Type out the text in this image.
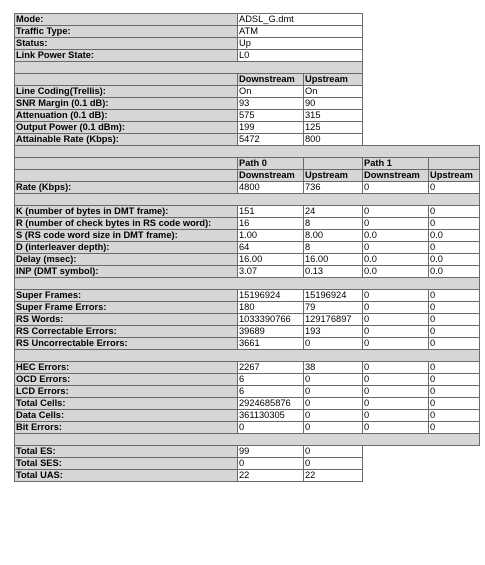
Mode:	ADSL_G.dmt			
Traffic Type:	ATM			
Status:	Up			
Link Power State:	L0			

	Downstream	Upstream		
Line Coding(Trellis):	On	On		
SNR Margin (0.1 dB):	93	90		
Attenuation (0.1 dB):	575	315		
Output Power (0.1 dBm):	199	125		
Attainable Rate (Kbps):	5472	800		

	Path 0		Path 1	
	Downstream	Upstream	Downstream	Upstream
Rate (Kbps):	4800	736	0	0

K (number of bytes in DMT frame):	151	24	0	0
R (number of check bytes in RS code word):	16	8	0	0
S (RS code word size in DMT frame):	1.00	8.00	0.0	0.0
D (interleaver depth):	64	8	0	0
Delay (msec):	16.00	16.00	0.0	0.0
INP (DMT symbol):	3.07	0.13	0.0	0.0

Super Frames:	15196924	15196924	0	0
Super Frame Errors:	180	79	0	0
RS Words:	1033390766	129176897	0	0
RS Correctable Errors:	39689	193	0	0
RS Uncorrectable Errors:	3661	0	0	0

HEC Errors:	2267	38	0	0
OCD Errors:	6	0	0	0
LCD Errors:	6	0	0	0
Total Cells:	2924685876	0	0	0
Data Cells:	361130305	0	0	0
Bit Errors:	0	0	0	0

Total ES:	99	0		
Total SES:	0	0		
Total UAS:	22	22		
